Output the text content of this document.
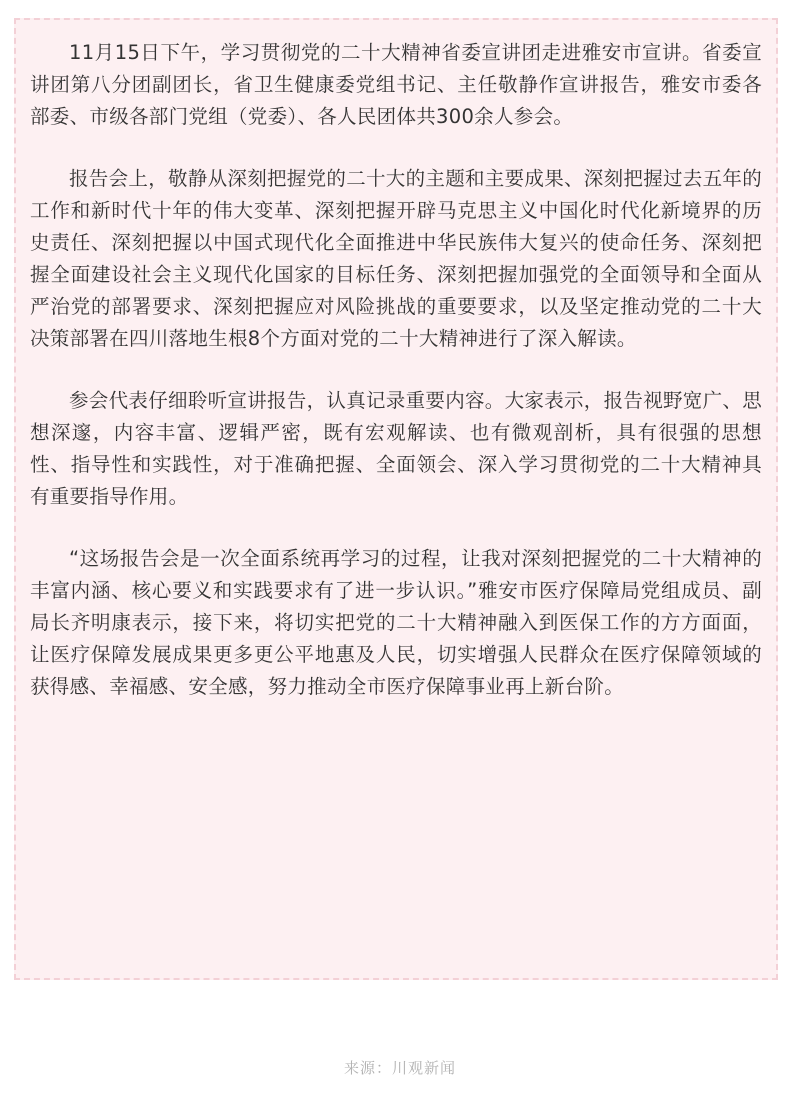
11月15日下午，学习贯彻党的二十大精神省委宣讲团走进雅安市宣讲。省委宣讲团第八分团副团长，省卫生健康委党组书记、主任敬静作宣讲报告，雅安市委各部委、市级各部门党组（党委）、各人民团体共300余人参会。

报告会上，敬静从深刻把握党的二十大的主题和主要成果、深刻把握过去五年的工作和新时代十年的伟大变革、深刻把握开辟马克思主义中国化时代化新境界的历史责任、深刻把握以中国式现代化全面推进中华民族伟大复兴的使命任务、深刻把握全面建设社会主义现代化国家的目标任务、深刻把握加强党的全面领导和全面从严治党的部署要求、深刻把握应对风险挑战的重要要求，以及坚定推动党的二十大决策部署在四川落地生根8个方面对党的二十大精神进行了深入解读。

参会代表仔细聆听宣讲报告，认真记录重要内容。大家表示，报告视野宽广、思想深邃，内容丰富、逻辑严密，既有宏观解读、也有微观剖析，具有很强的思想性、指导性和实践性，对于准确把握、全面领会、深入学习贯彻党的二十大精神具有重要指导作用。

“这场报告会是一次全面系统再学习的过程，让我对深刻把握党的二十大精神的丰富内涵、核心要义和实践要求有了进一步认识。”雅安市医疗保障局党组成员、副局长齐明康表示，接下来，将切实把党的二十大精神融入到医保工作的方方面面，让医疗保障发展成果更多更公平地惠及人民，切实增强人民群众在医疗保障领域的获得感、幸福感、安全感，努力推动全市医疗保障事业再上新台阶。

来源：川观新闻
